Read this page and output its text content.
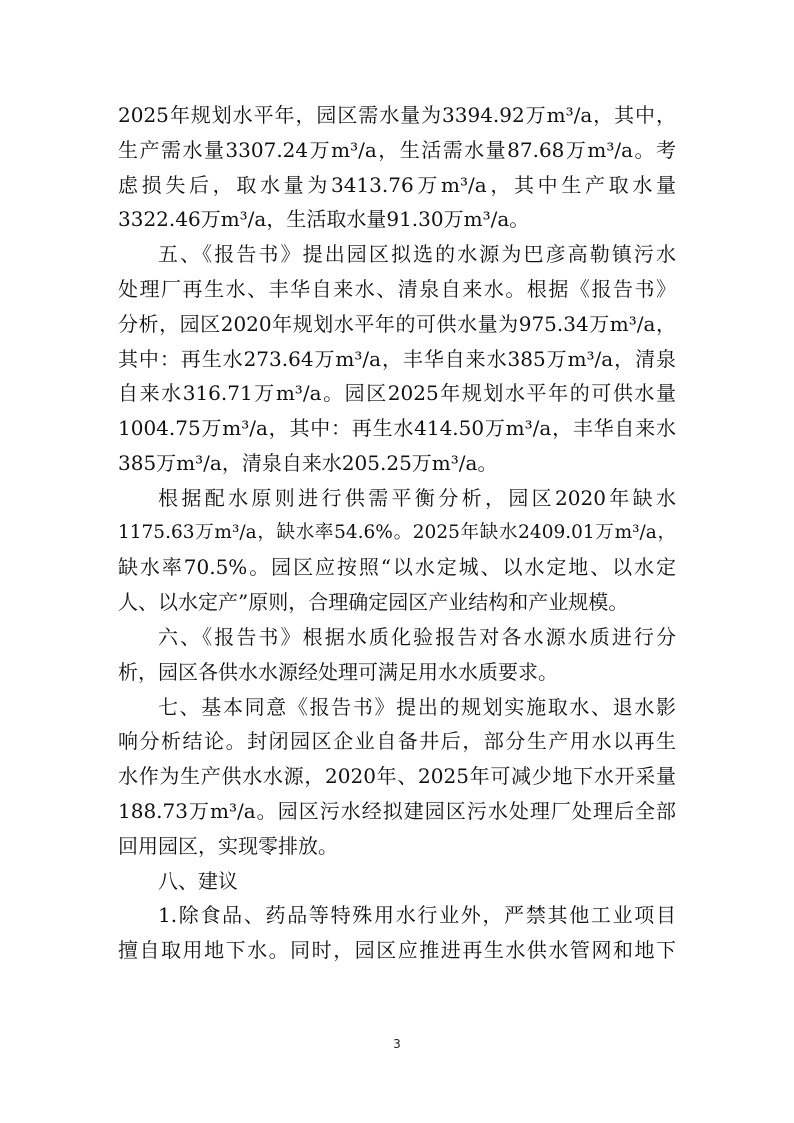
2025年规划水平年，园区需水量为3394.92万m³/a，其中，
生产需水量3307.24万m³/a，生活需水量87.68万m³/a。考
虑损失后，取水量为3413.76万m³/a，其中生产取水量
3322.46万m³/a，生活取水量91.30万m³/a。
五、《报告书》提出园区拟选的水源为巴彦高勒镇污水
处理厂再生水、丰华自来水、清泉自来水。根据《报告书》
分析，园区2020年规划水平年的可供水量为975.34万m³/a，
其中：再生水273.64万m³/a，丰华自来水385万m³/a，清泉
自来水316.71万m³/a。园区2025年规划水平年的可供水量
1004.75万m³/a，其中：再生水414.50万m³/a，丰华自来水
385万m³/a，清泉自来水205.25万m³/a。
根据配水原则进行供需平衡分析，园区2020年缺水
1175.63万m³/a，缺水率54.6%。2025年缺水2409.01万m³/a，
缺水率70.5%。园区应按照“以水定城、以水定地、以水定
人、以水定产”原则，合理确定园区产业结构和产业规模。
六、《报告书》根据水质化验报告对各水源水质进行分
析，园区各供水水源经处理可满足用水水质要求。
七、基本同意《报告书》提出的规划实施取水、退水影
响分析结论。封闭园区企业自备井后，部分生产用水以再生
水作为生产供水水源，2020年、2025年可减少地下水开采量
188.73万m³/a。园区污水经拟建园区污水处理厂处理后全部
回用园区，实现零排放。
八、建议
1.除食品、药品等特殊用水行业外，严禁其他工业项目
擅自取用地下水。同时，园区应推进再生水供水管网和地下
3
